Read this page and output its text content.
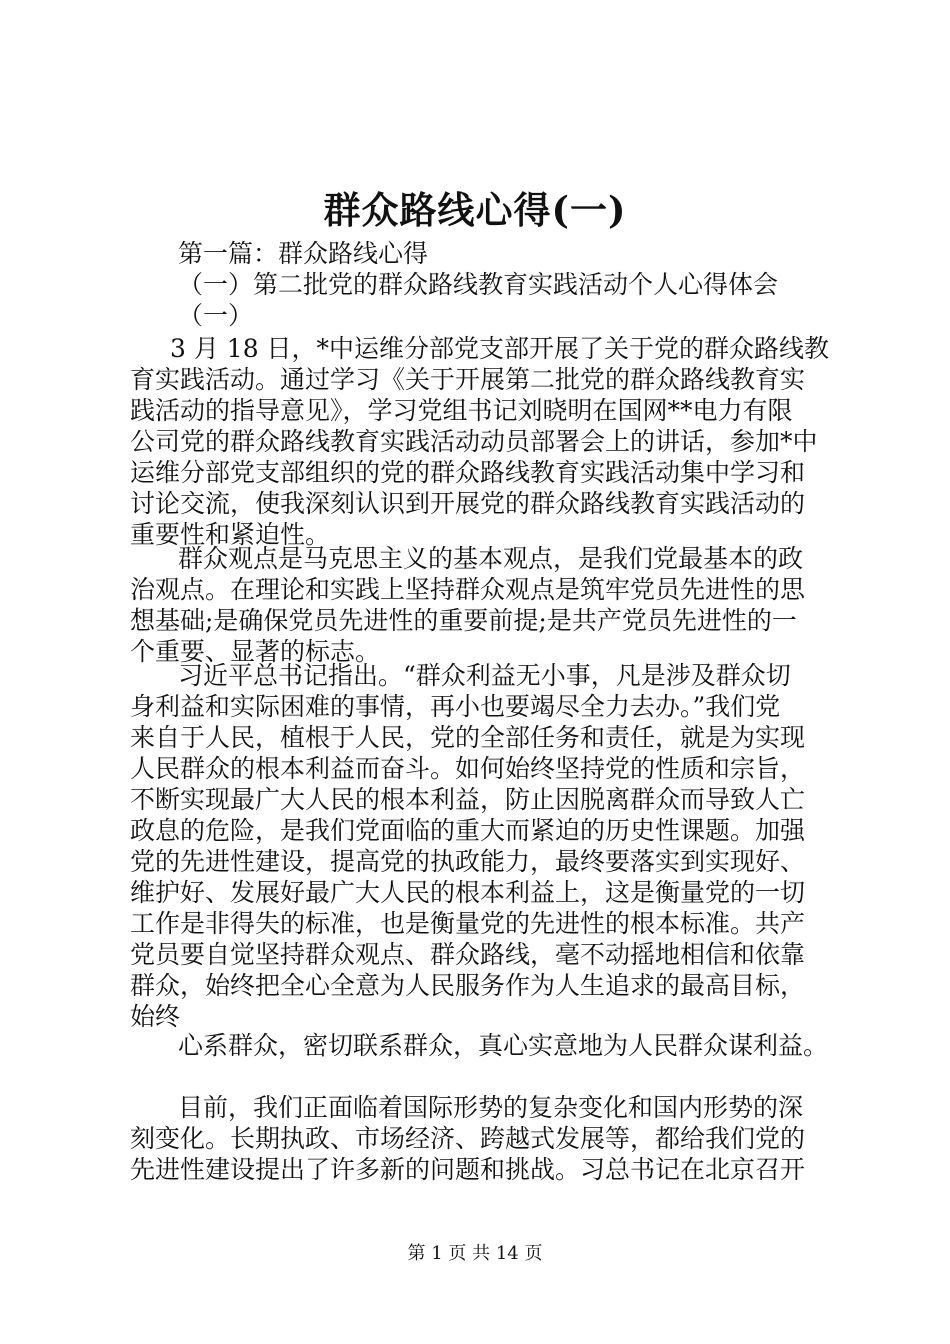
群众路线心得(一)

第一篇：群众路线心得

（一）第二批党的群众路线教育实践活动个人心得体会

（一）

3 月 18 日，*中运维分部党支部开展了关于党的群众路线教

育实践活动。通过学习《关于开展第二批党的群众路线教育实

践活动的指导意见》，学习党组书记刘晓明在国网**电力有限

公司党的群众路线教育实践活动动员部署会上的讲话，参加*中

运维分部党支部组织的党的群众路线教育实践活动集中学习和

讨论交流，使我深刻认识到开展党的群众路线教育实践活动的

重要性和紧迫性。

群众观点是马克思主义的基本观点，是我们党最基本的政

治观点。在理论和实践上坚持群众观点是筑牢党员先进性的思

想基础;是确保党员先进性的重要前提;是共产党员先进性的一

个重要、显著的标志。

习近平总书记指出。“群众利益无小事，凡是涉及群众切

身利益和实际困难的事情，再小也要竭尽全力去办。”我们党

来自于人民，植根于人民，党的全部任务和责任，就是为实现

人民群众的根本利益而奋斗。如何始终坚持党的性质和宗旨，

不断实现最广大人民的根本利益，防止因脱离群众而导致人亡

政息的危险，是我们党面临的重大而紧迫的历史性课题。加强

党的先进性建设，提高党的执政能力，最终要落实到实现好、

维护好、发展好最广大人民的根本利益上，这是衡量党的一切

工作是非得失的标准，也是衡量党的先进性的根本标准。共产

党员要自觉坚持群众观点、群众路线，毫不动摇地相信和依靠

群众，始终把全心全意为人民服务作为人生追求的最高目标，

始终

心系群众，密切联系群众，真心实意地为人民群众谋利益。

目前，我们正面临着国际形势的复杂变化和国内形势的深

刻变化。长期执政、市场经济、跨越式发展等，都给我们党的

先进性建设提出了许多新的问题和挑战。习总书记在北京召开

第 1 页 共 14 页
